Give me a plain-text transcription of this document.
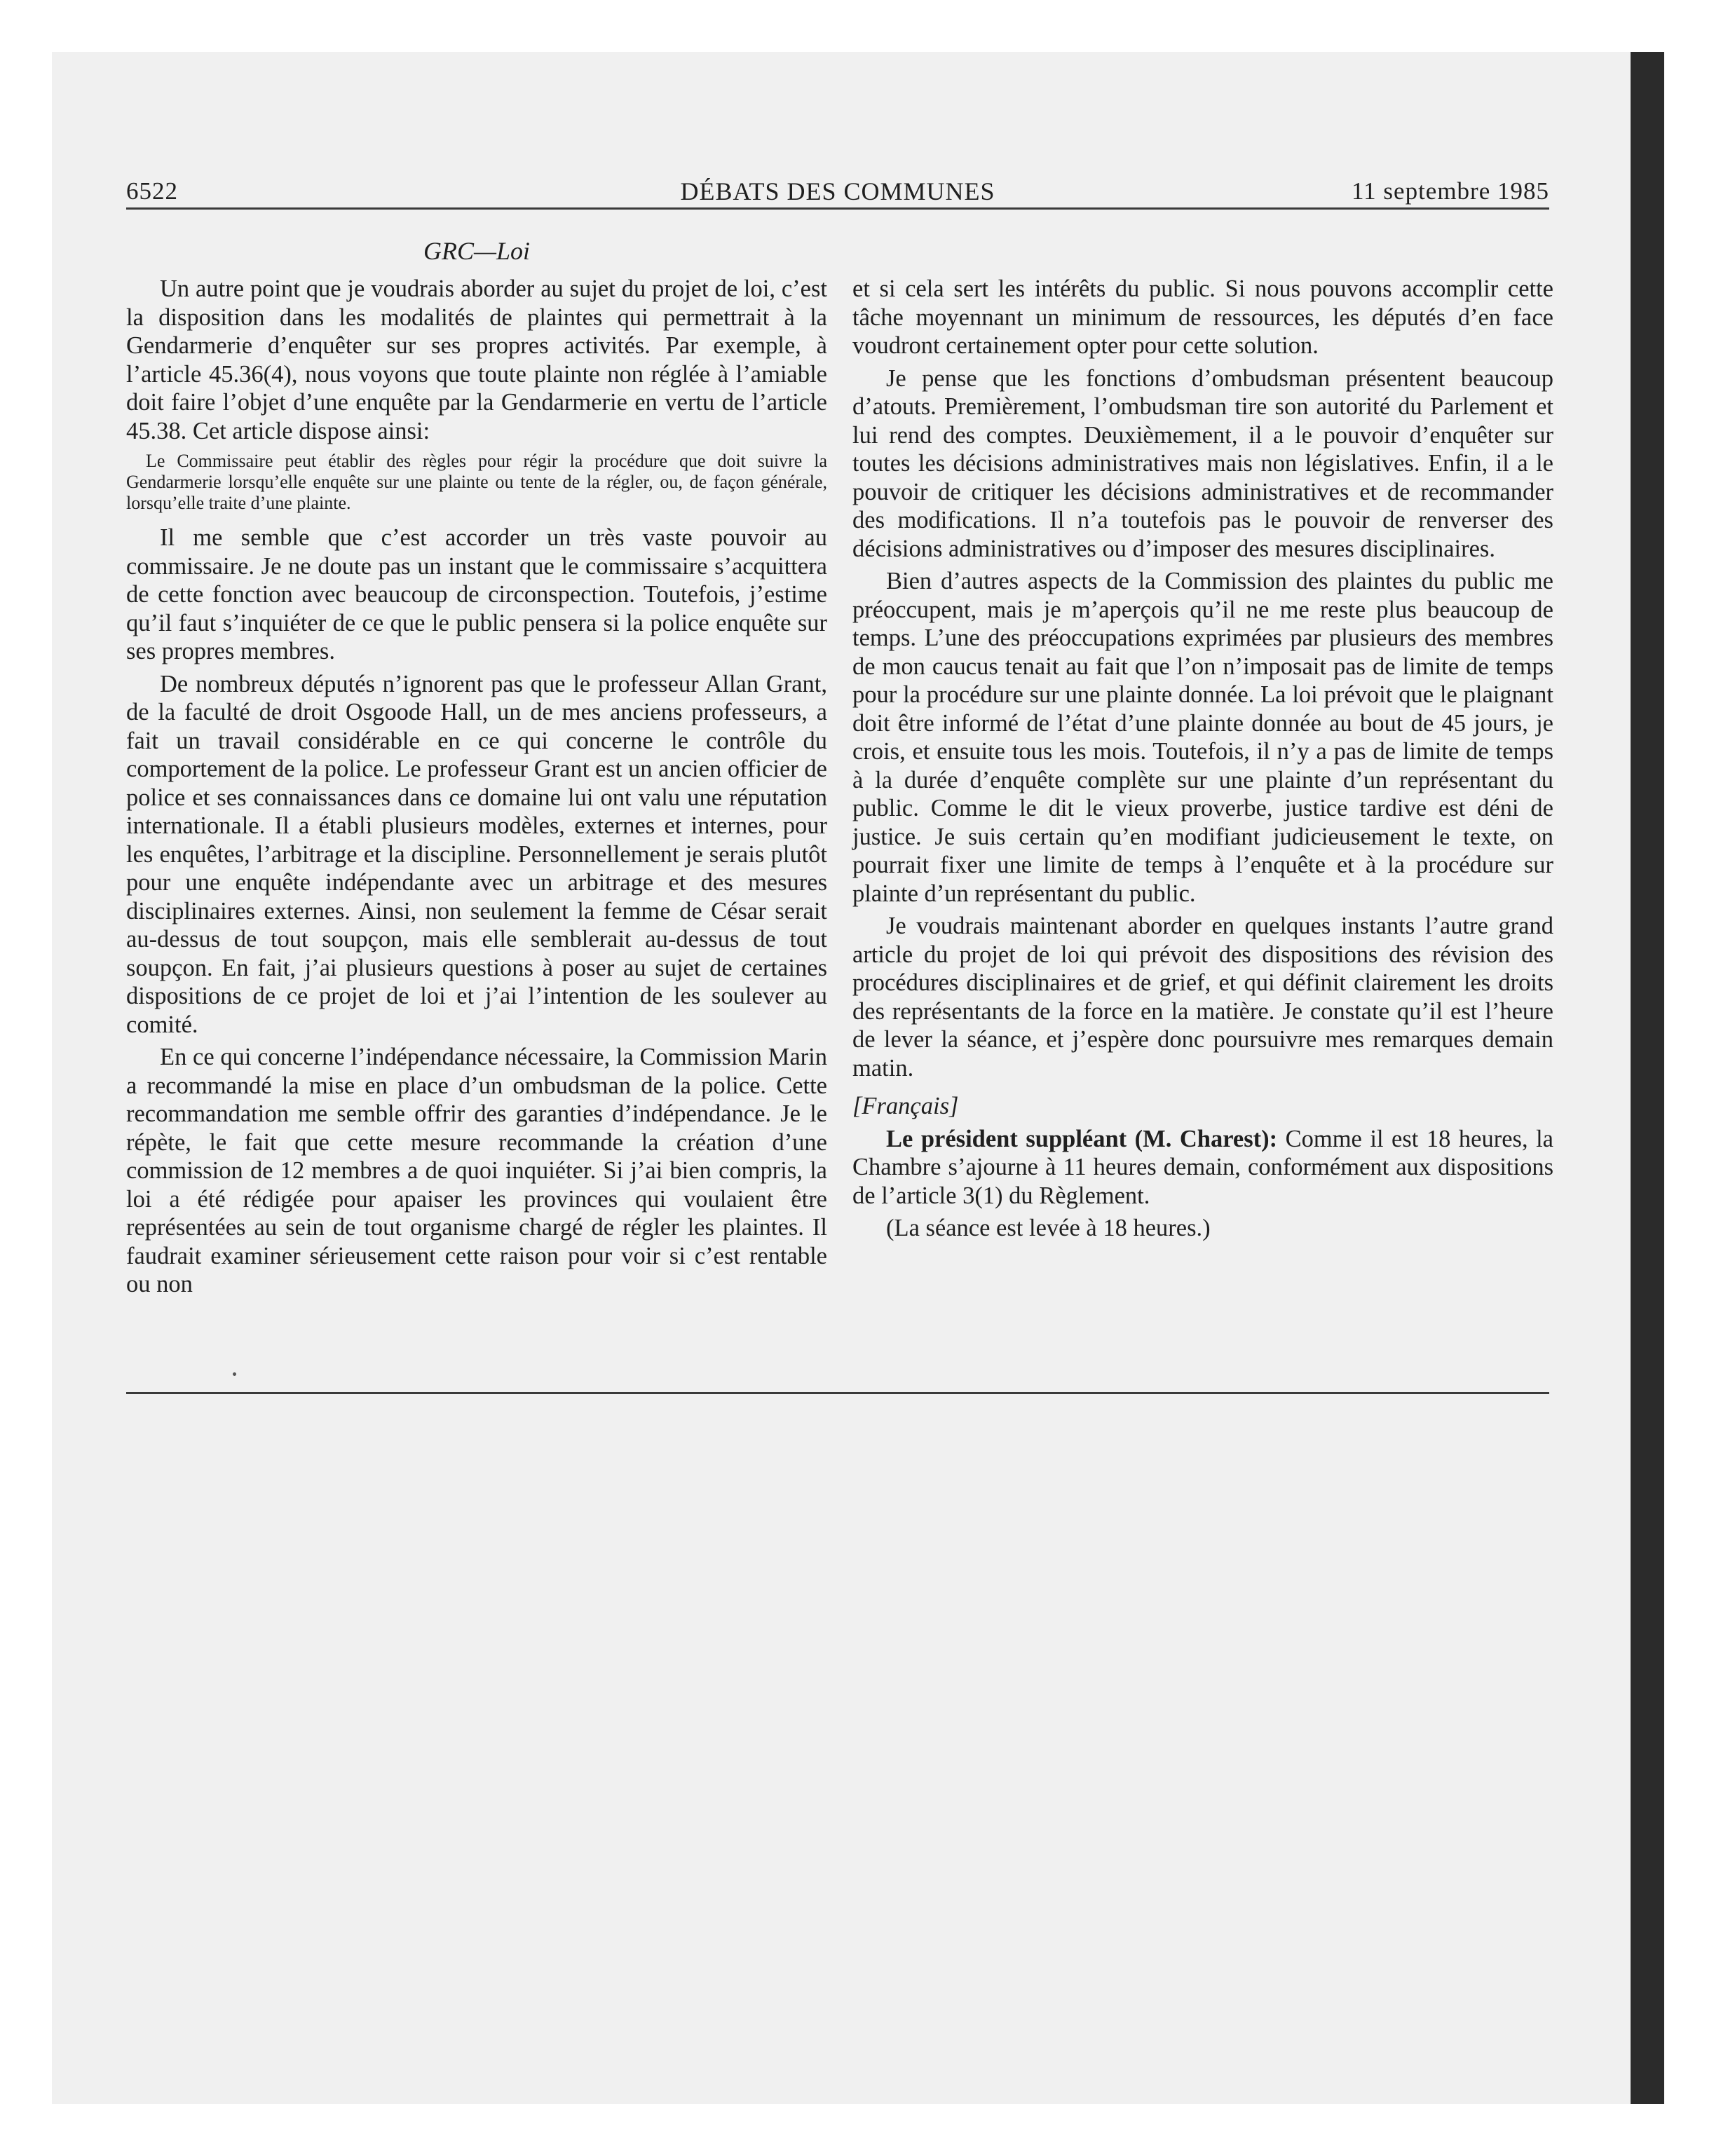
6522	DÉBATS DES COMMUNES	11 septembre 1985
GRC—Loi

Un autre point que je voudrais aborder au sujet du projet de loi, c’est la disposition dans les modalités de plaintes qui permettrait à la Gendarmerie d’enquêter sur ses propres activités. Par exemple, à l’article 45.36(4), nous voyons que toute plainte non réglée à l’amiable doit faire l’objet d’une enquête par la Gendarmerie en vertu de l’article 45.38. Cet article dispose ainsi:

Le Commissaire peut établir des règles pour régir la procédure que doit suivre la Gendarmerie lorsqu’elle enquête sur une plainte ou tente de la régler, ou, de façon générale, lorsqu’elle traite d’une plainte.

Il me semble que c’est accorder un très vaste pouvoir au commissaire. Je ne doute pas un instant que le commissaire s’acquittera de cette fonction avec beaucoup de circonspection. Toutefois, j’estime qu’il faut s’inquiéter de ce que le public pensera si la police enquête sur ses propres membres.

De nombreux députés n’ignorent pas que le professeur Allan Grant, de la faculté de droit Osgoode Hall, un de mes anciens professeurs, a fait un travail considérable en ce qui concerne le contrôle du comportement de la police. Le professeur Grant est un ancien officier de police et ses connaissances dans ce domaine lui ont valu une réputation internationale. Il a établi plusieurs modèles, externes et internes, pour les enquêtes, l’arbitrage et la discipline. Personnellement je serais plutôt pour une enquête indépendante avec un arbitrage et des mesures disciplinaires externes. Ainsi, non seulement la femme de César serait au-dessus de tout soupçon, mais elle semblerait au-dessus de tout soupçon. En fait, j’ai plusieurs questions à poser au sujet de certaines dispositions de ce projet de loi et j’ai l’intention de les soulever au comité.

En ce qui concerne l’indépendance nécessaire, la Commission Marin a recommandé la mise en place d’un ombudsman de la police. Cette recommandation me semble offrir des garanties d’indépendance. Je le répète, le fait que cette mesure recommande la création d’une commission de 12 membres a de quoi inquiéter. Si j’ai bien compris, la loi a été rédigée pour apaiser les provinces qui voulaient être représentées au sein de tout organisme chargé de régler les plaintes. Il faudrait examiner sérieusement cette raison pour voir si c’est rentable ou non

et si cela sert les intérêts du public. Si nous pouvons accomplir cette tâche moyennant un minimum de ressources, les députés d’en face voudront certainement opter pour cette solution.

Je pense que les fonctions d’ombudsman présentent beaucoup d’atouts. Premièrement, l’ombudsman tire son autorité du Parlement et lui rend des comptes. Deuxièmement, il a le pouvoir d’enquêter sur toutes les décisions administratives mais non législatives. Enfin, il a le pouvoir de critiquer les décisions administratives et de recommander des modifications. Il n’a toutefois pas le pouvoir de renverser des décisions administratives ou d’imposer des mesures disciplinaires.

Bien d’autres aspects de la Commission des plaintes du public me préoccupent, mais je m’aperçois qu’il ne me reste plus beaucoup de temps. L’une des préoccupations exprimées par plusieurs des membres de mon caucus tenait au fait que l’on n’imposait pas de limite de temps pour la procédure sur une plainte donnée. La loi prévoit que le plaignant doit être informé de l’état d’une plainte donnée au bout de 45 jours, je crois, et ensuite tous les mois. Toutefois, il n’y a pas de limite de temps à la durée d’enquête complète sur une plainte d’un représentant du public. Comme le dit le vieux proverbe, justice tardive est déni de justice. Je suis certain qu’en modifiant judicieusement le texte, on pourrait fixer une limite de temps à l’enquête et à la procédure sur plainte d’un représentant du public.

Je voudrais maintenant aborder en quelques instants l’autre grand article du projet de loi qui prévoit des dispositions des révision des procédures disciplinaires et de grief, et qui définit clairement les droits des représentants de la force en la matière. Je constate qu’il est l’heure de lever la séance, et j’espère donc poursuivre mes remarques demain matin.

[Français]

Le président suppléant (M. Charest): Comme il est 18 heures, la Chambre s’ajourne à 11 heures demain, conformément aux dispositions de l’article 3(1) du Règlement.

(La séance est levée à 18 heures.)
